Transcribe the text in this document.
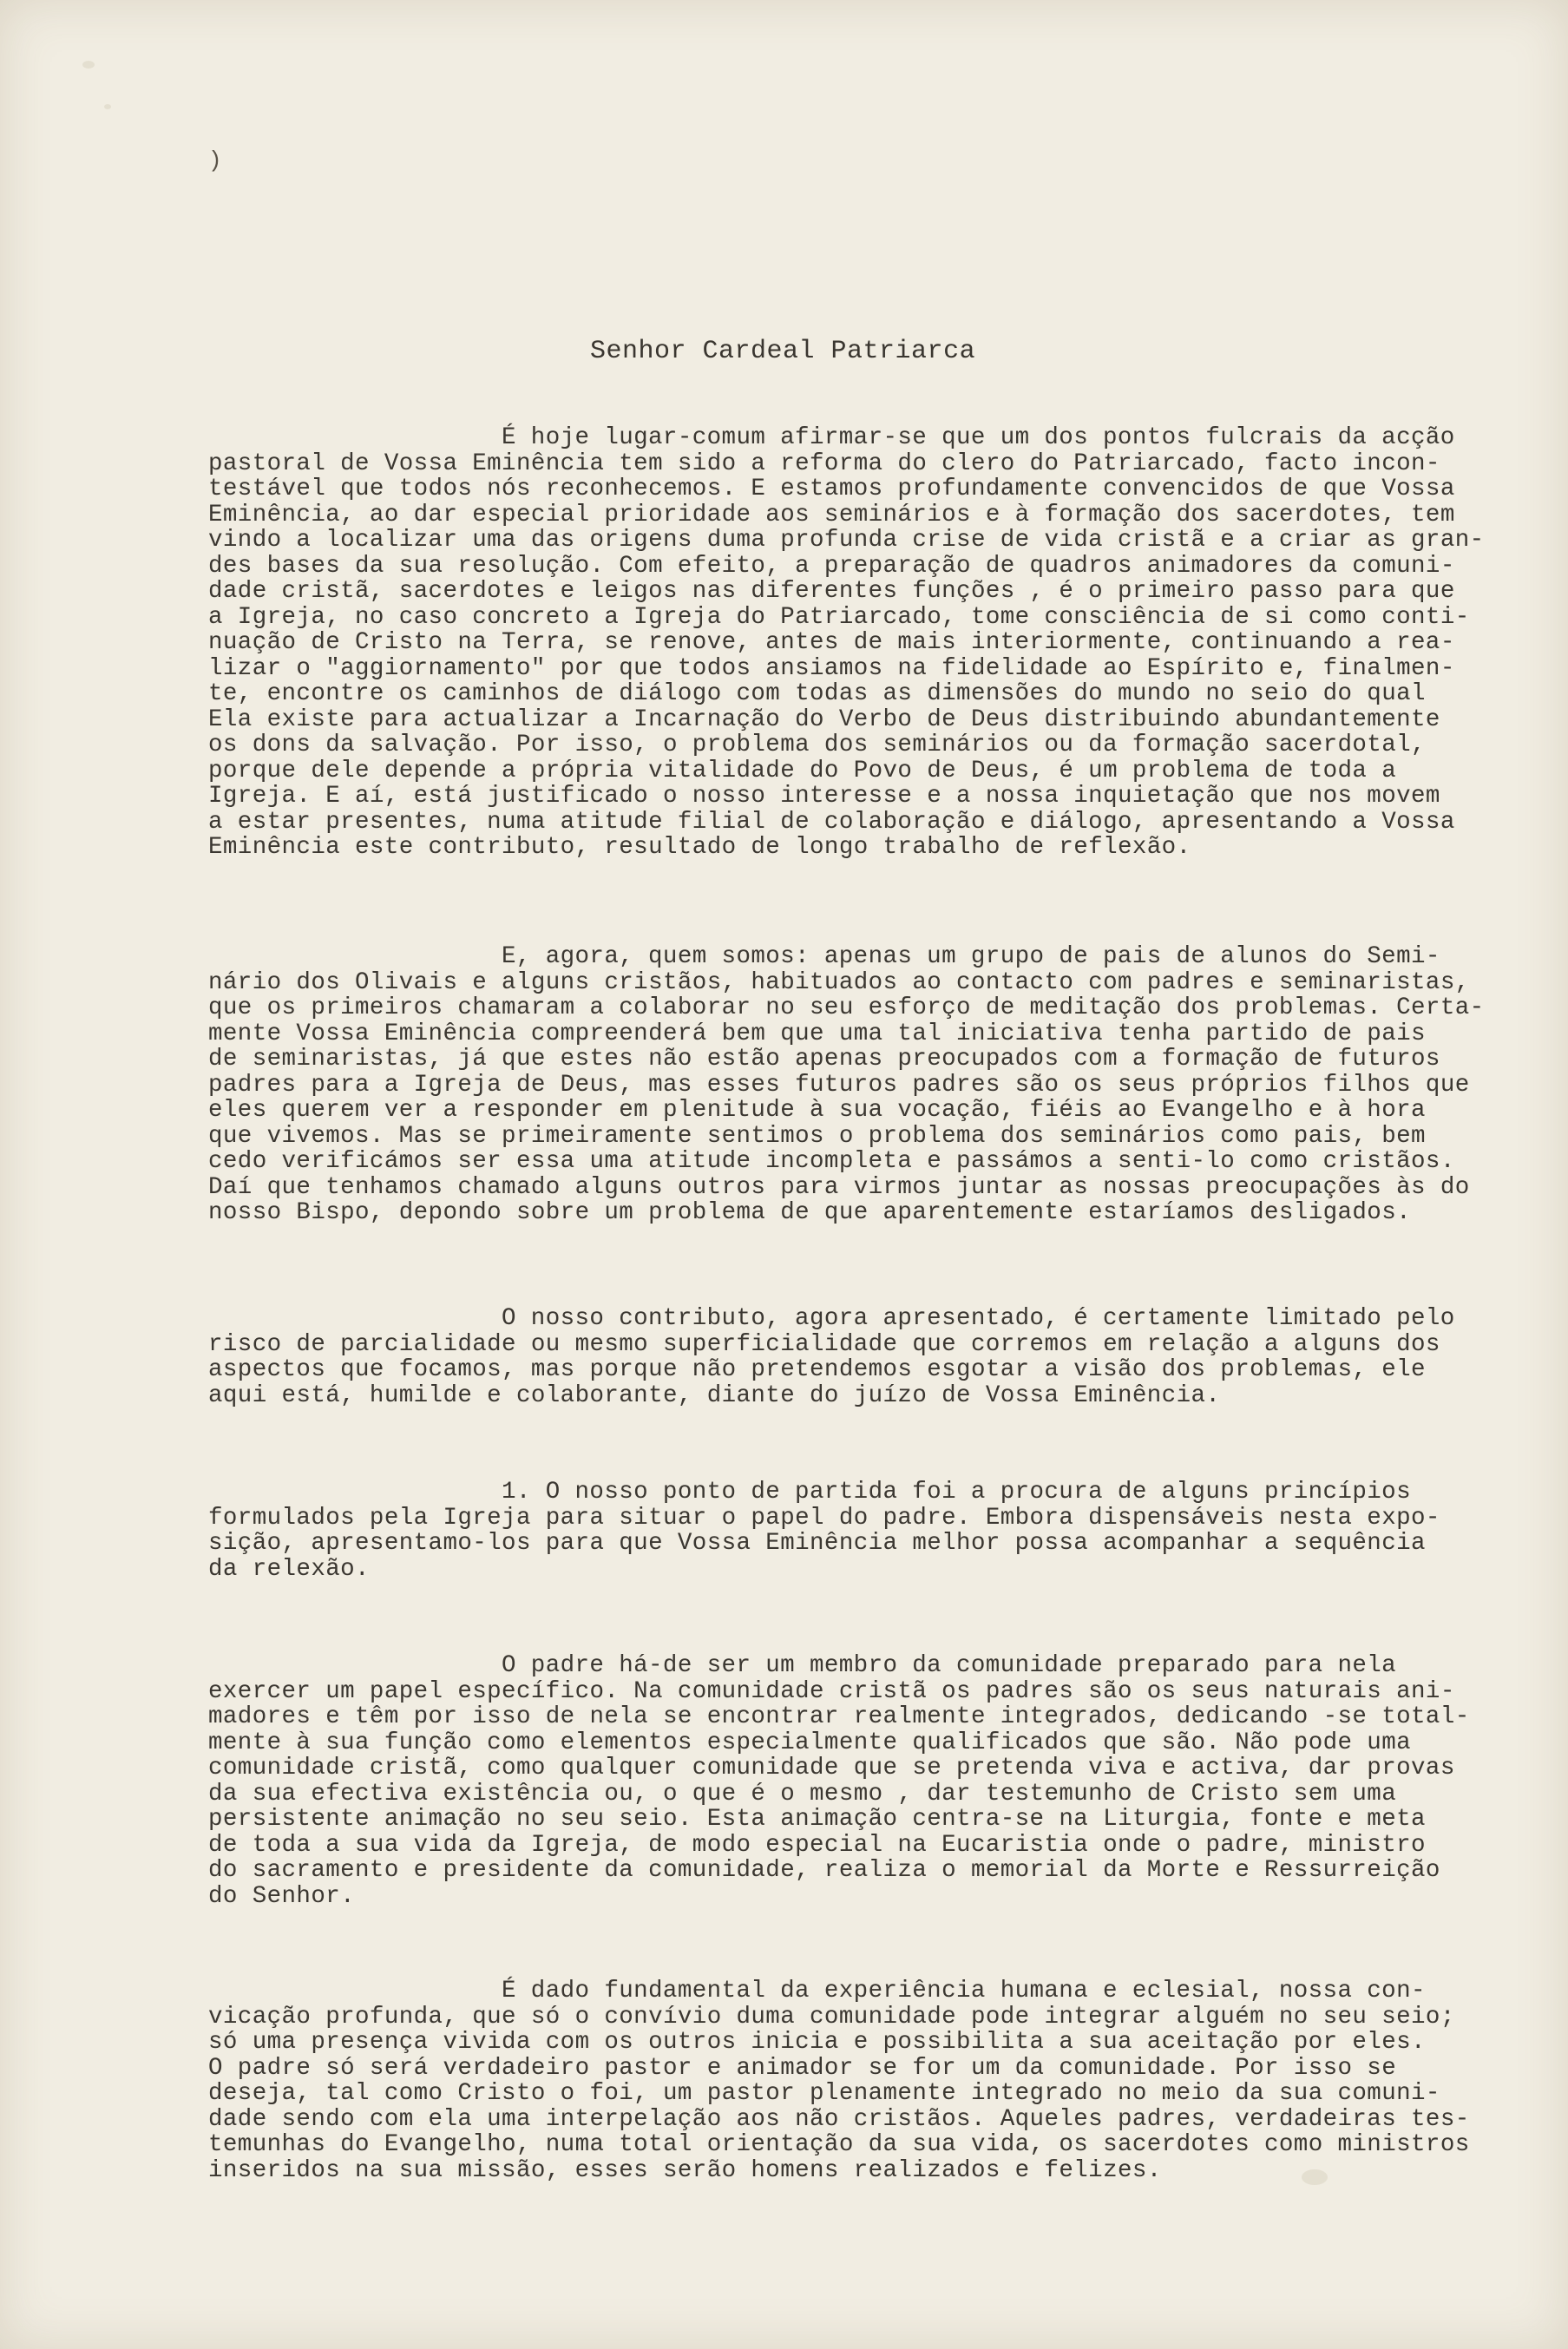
)
Senhor Cardeal Patriarca
É hoje lugar-comum afirmar-se que um dos pontos fulcrais da acção
pastoral de Vossa Eminência tem sido a reforma do clero do Patriarcado, facto incon-
testável que todos nós reconhecemos. E estamos profundamente convencidos de que Vossa
Eminência, ao dar especial prioridade aos seminários e à formação dos sacerdotes, tem
vindo a localizar uma das origens duma profunda crise de vida cristã e a criar as gran-
des bases da sua resolução. Com efeito, a preparação de quadros animadores da comuni-
dade cristã, sacerdotes e leigos nas diferentes funções , é o primeiro passo para que
a Igreja, no caso concreto a Igreja do Patriarcado, tome consciência de si como conti-
nuação de Cristo na Terra, se renove, antes de mais interiormente, continuando a rea-
lizar o "aggiornamento" por que todos ansiamos na fidelidade ao Espírito e, finalmen-
te, encontre os caminhos de diálogo com todas as dimensões do mundo no seio do qual
Ela existe para actualizar a Incarnação do Verbo de Deus distribuindo abundantemente
os dons da salvação. Por isso, o problema dos seminários ou da formação sacerdotal,
porque dele depende a própria vitalidade do Povo de Deus, é um problema de toda a
Igreja. E aí, está justificado o nosso interesse e a nossa inquietação que nos movem
a estar presentes, numa atitude filial de colaboração e diálogo, apresentando a Vossa
Eminência este contributo, resultado de longo trabalho de reflexão.
E, agora, quem somos: apenas um grupo de pais de alunos do Semi-
nário dos Olivais e alguns cristãos, habituados ao contacto com padres e seminaristas,
que os primeiros chamaram a colaborar no seu esforço de meditação dos problemas. Certa-
mente Vossa Eminência compreenderá bem que uma tal iniciativa tenha partido de pais
de seminaristas, já que estes não estão apenas preocupados com a formação de futuros
padres para a Igreja de Deus, mas esses futuros padres são os seus próprios filhos que
eles querem ver a responder em plenitude à sua vocação, fiéis ao Evangelho e à hora
que vivemos. Mas se primeiramente sentimos o problema dos seminários como pais, bem
cedo verificámos ser essa uma atitude incompleta e passámos a senti-lo como cristãos.
Daí que tenhamos chamado alguns outros para virmos juntar as nossas preocupações às do
nosso Bispo, depondo sobre um problema de que aparentemente estaríamos desligados.
O nosso contributo, agora apresentado, é certamente limitado pelo
risco de parcialidade ou mesmo superficialidade que corremos em relação a alguns dos
aspectos que focamos, mas porque não pretendemos esgotar a visão dos problemas, ele
aqui está, humilde e colaborante, diante do juízo de Vossa Eminência.
1. O nosso ponto de partida foi a procura de alguns princípios
formulados pela Igreja para situar o papel do padre. Embora dispensáveis nesta expo-
sição, apresentamo-los para que Vossa Eminência melhor possa acompanhar a sequência
da relexão.
O padre há-de ser um membro da comunidade preparado para nela
exercer um papel específico. Na comunidade cristã os padres são os seus naturais ani-
madores e têm por isso de nela se encontrar realmente integrados, dedicando -se total-
mente à sua função como elementos especialmente qualificados que são. Não pode uma
comunidade cristã, como qualquer comunidade que se pretenda viva e activa, dar provas
da sua efectiva existência ou, o que é o mesmo , dar testemunho de Cristo sem uma
persistente animação no seu seio. Esta animação centra-se na Liturgia, fonte e meta
de toda a sua vida da Igreja, de modo especial na Eucaristia onde o padre, ministro
do sacramento e presidente da comunidade, realiza o memorial da Morte e Ressurreição
do Senhor.
É dado fundamental da experiência humana e eclesial, nossa con-
vicação profunda, que só o convívio duma comunidade pode integrar alguém no seu seio;
só uma presença vivida com os outros inicia e possibilita a sua aceitação por eles.
O padre só será verdadeiro pastor e animador se for um da comunidade. Por isso se
deseja, tal como Cristo o foi, um pastor plenamente integrado no meio da sua comuni-
dade sendo com ela uma interpelação aos não cristãos. Aqueles padres, verdadeiras tes-
temunhas do Evangelho, numa total orientação da sua vida, os sacerdotes como ministros
inseridos na sua missão, esses serão homens realizados e felizes.
